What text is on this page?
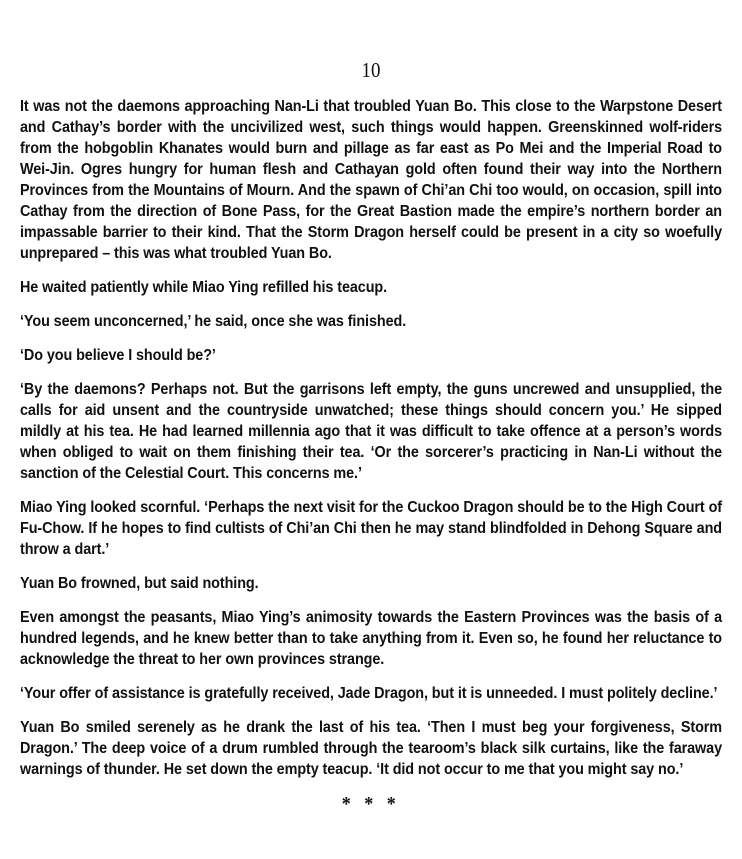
10

It was not the daemons approaching Nan-Li that troubled Yuan Bo. This close to the Warpstone Desert and Cathay’s border with the uncivilized west, such things would happen. Greenskinned wolf-riders from the hobgoblin Khanates would burn and pillage as far east as Po Mei and the Imperial Road to Wei-Jin. Ogres hungry for human flesh and Cathayan gold often found their way into the Northern Provinces from the Mountains of Mourn. And the spawn of Chi’an Chi too would, on occasion, spill into Cathay from the direction of Bone Pass, for the Great Bastion made the empire’s northern border an impassable barrier to their kind. That the Storm Dragon herself could be present in a city so woefully unprepared – this was what troubled Yuan Bo.

He waited patiently while Miao Ying refilled his teacup.

‘You seem unconcerned,’ he said, once she was finished.

‘Do you believe I should be?’

‘By the daemons? Perhaps not. But the garrisons left empty, the guns uncrewed and unsupplied, the calls for aid unsent and the countryside unwatched; these things should concern you.’ He sipped mildly at his tea. He had learned millennia ago that it was difficult to take offence at a person’s words when obliged to wait on them finishing their tea. ‘Or the sorcerer’s practicing in Nan-Li without the sanction of the Celestial Court. This concerns me.’

Miao Ying looked scornful. ‘Perhaps the next visit for the Cuckoo Dragon should be to the High Court of Fu-Chow. If he hopes to find cultists of Chi’an Chi then he may stand blindfolded in Dehong Square and throw a dart.’

Yuan Bo frowned, but said nothing.

Even amongst the peasants, Miao Ying’s animosity towards the Eastern Provinces was the basis of a hundred legends, and he knew better than to take anything from it. Even so, he found her reluctance to acknowledge the threat to her own provinces strange.

‘Your offer of assistance is gratefully received, Jade Dragon, but it is unneeded. I must politely decline.’

Yuan Bo smiled serenely as he drank the last of his tea. ‘Then I must beg your forgiveness, Storm Dragon.’ The deep voice of a drum rumbled through the tearoom’s black silk curtains, like the faraway warnings of thunder. He set down the empty teacup. ‘It did not occur to me that you might say no.’

* * *
